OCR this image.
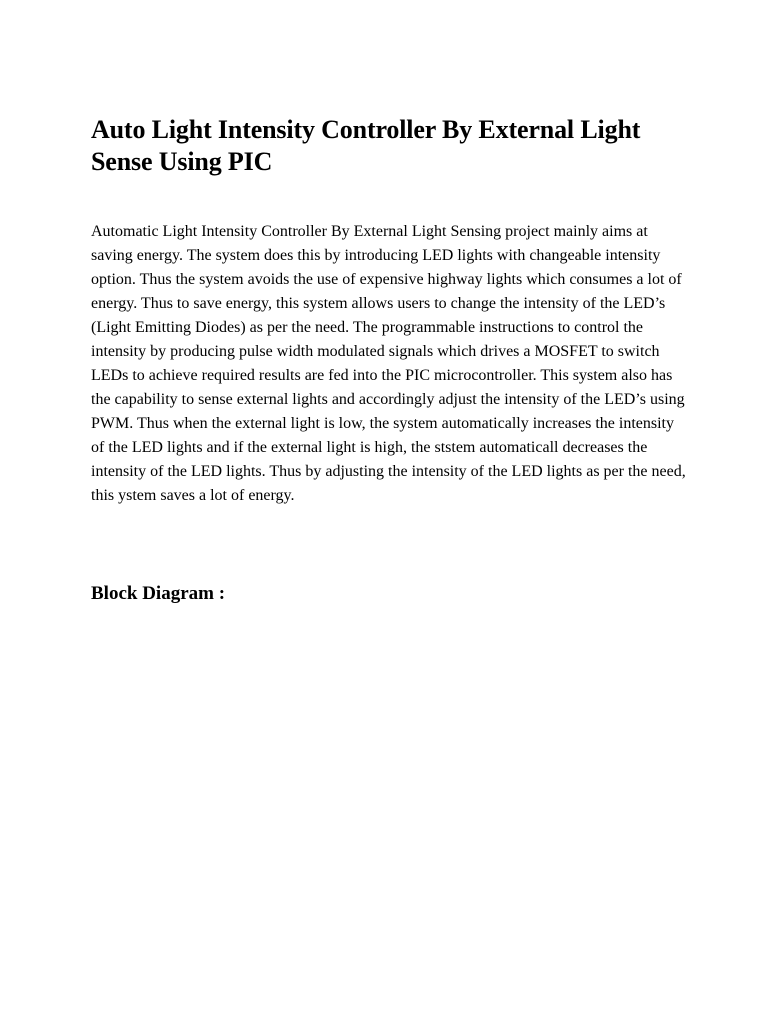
Auto Light Intensity Controller By External Light Sense Using PIC

Automatic Light Intensity Controller By External Light Sensing project mainly aims at saving energy. The system does this by introducing LED lights with changeable intensity option. Thus the system avoids the use of expensive highway lights which consumes a lot of energy. Thus to save energy, this system allows users to change the intensity of the LED’s (Light Emitting Diodes) as per the need. The programmable instructions to control the intensity by producing pulse width modulated signals which drives a MOSFET to switch LEDs to achieve required results are fed into the PIC microcontroller. This system also has the capability to sense external lights and accordingly adjust the intensity of the LED’s using PWM. Thus when the external light is low, the system automatically increases the intensity of the LED lights and if the external light is high, the ststem automaticall decreases the intensity of the LED lights. Thus by adjusting the intensity of the LED lights as per the need, this ystem saves a lot of energy.

Block Diagram :
